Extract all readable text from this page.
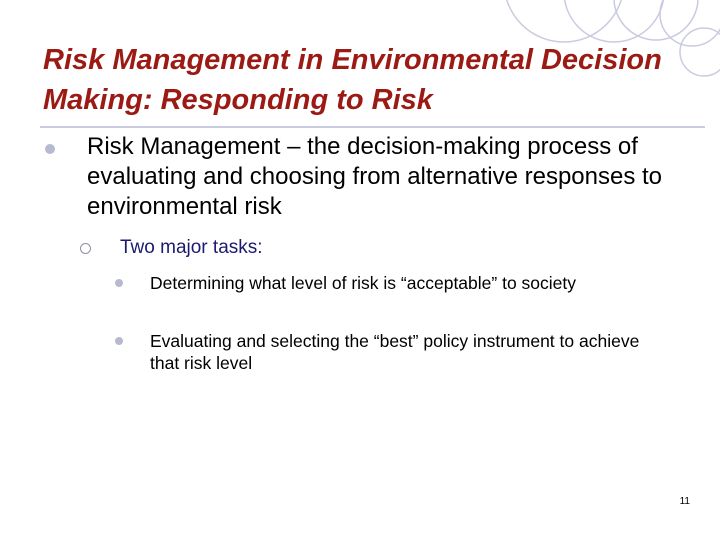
Risk Management in Environmental Decision Making: Responding to Risk
Risk Management – the decision-making process of evaluating and choosing from alternative responses to environmental risk
Two major tasks:
Determining what level of risk is “acceptable” to society
Evaluating and selecting the “best” policy instrument to achieve that risk level
11
